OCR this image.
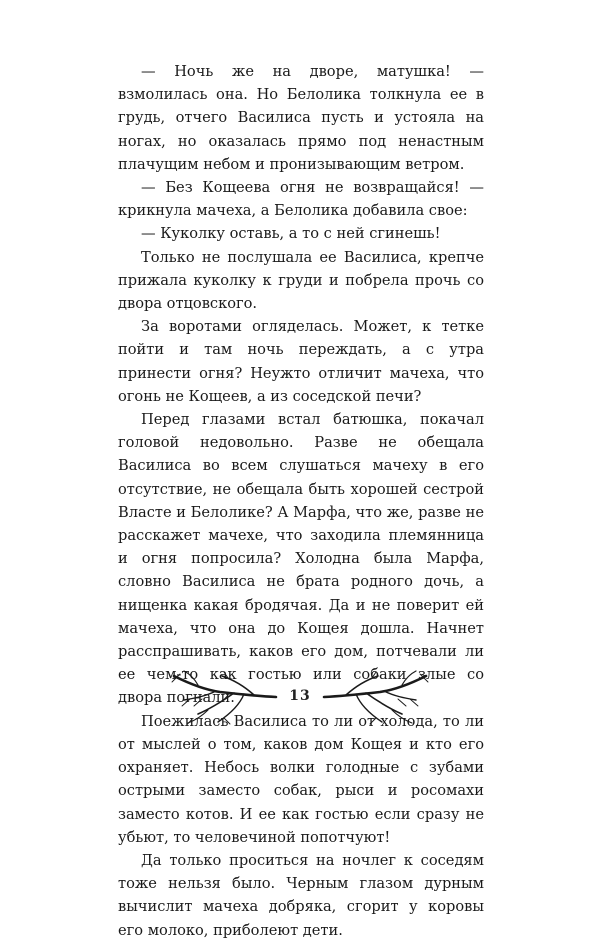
— Ночь же на дворе, матушка! — взмолилась она. Но Белолика толкнула ее в грудь, отчего Василиса пусть и устояла на ногах, но оказалась прямо под ненастным плачущим небом и пронизывающим ветром.

— Без Кощеева огня не возвращайся! — крикнула мачеха, а Белолика добавила свое:

— Куколку оставь, а то с ней сгинешь!

Только не послушала ее Василиса, крепче прижала куколку к груди и побрела прочь со двора отцовского.

За воротами огляделась. Может, к тетке пойти и там ночь переждать, а с утра принести огня? Неужто отличит мачеха, что огонь не Кощеев, а из соседской печи?

Перед глазами встал батюшка, покачал головой недовольно. Разве не обещала Василиса во всем слушаться мачеху в его отсутствие, не обещала быть хорошей сестрой Власте и Белолике? А Марфа, что же, разве не расскажет мачехе, что заходила племянница и огня попросила? Холодна была Марфа, словно Василиса не брата родного дочь, а нищенка какая бродячая. Да и не поверит ей мачеха, что она до Кощея дошла. Начнет расспрашивать, каков его дом, потчевали ли ее чем-то как гостью или собаки злые со двора погнали.

Поежилась Василиса то ли от холода, то ли от мыслей о том, каков дом Кощея и кто его охраняет. Небось волки голодные с зубами острыми заместо собак, рыси и росомахи заместо котов. И ее как гостью если сразу не убьют, то человечиной попотчуют!

Да только проситься на ночлег к соседям тоже нельзя было. Черным глазом дурным вычислит мачеха добряка, сгорит у коровы его молоко, приболеют дети.

13
